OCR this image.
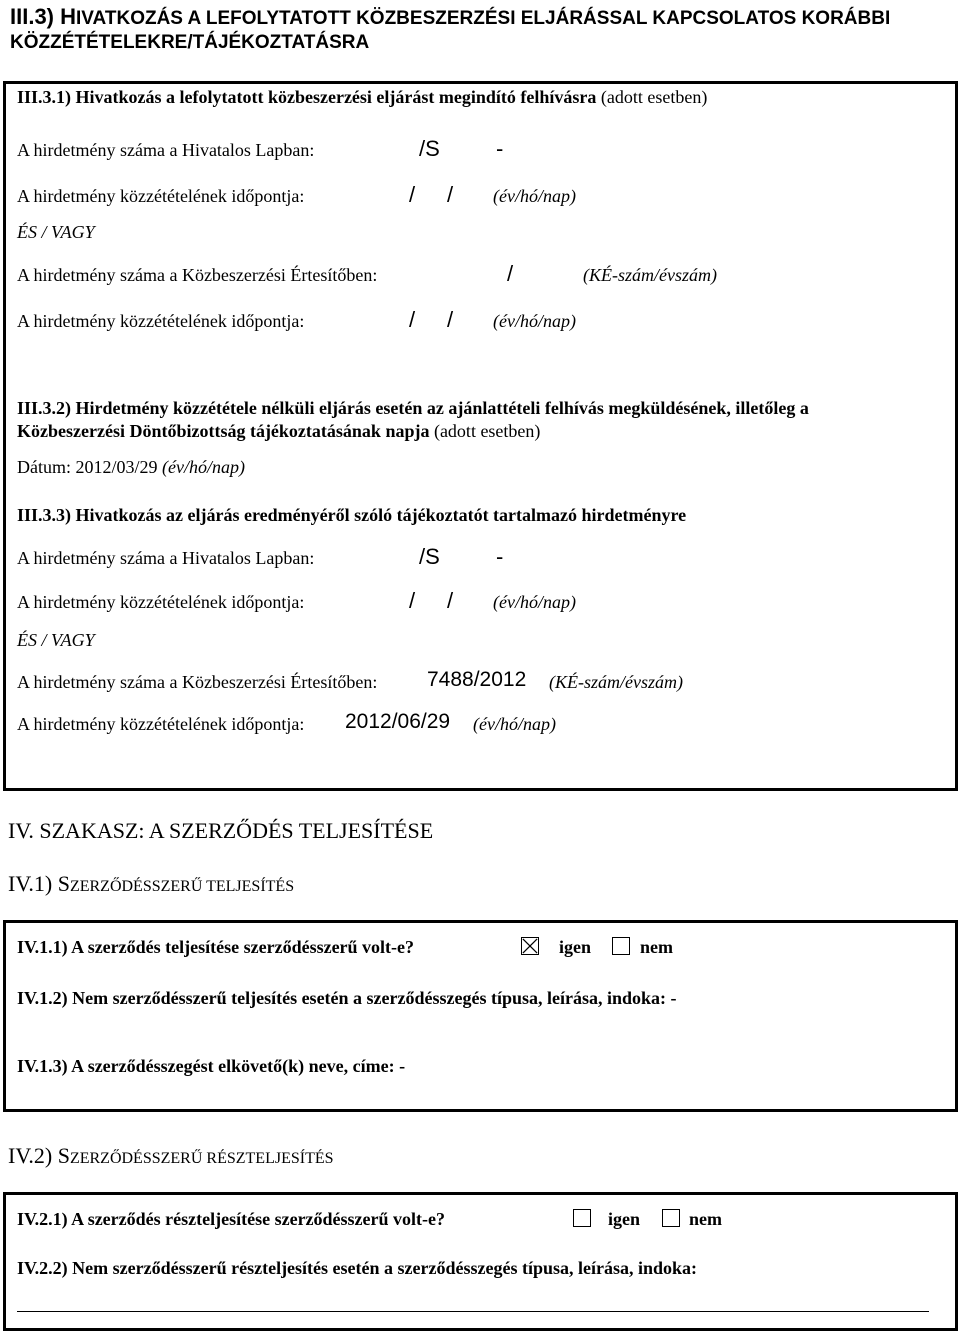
III.3) HIVATKOZÁS A LEFOLYTATOTT KÖZBESZERZÉSI ELJÁRÁSSAL KAPCSOLATOS KORÁBBI
KÖZZÉTÉTELEKRE/TÁJÉKOZTATÁSRA
III.3.1) Hivatkozás a lefolytatott közbeszerzési eljárást megindító felhívásra (adott esetben)
A hirdetmény száma a Hivatalos Lapban:	/S	-
A hirdetmény közzétételének időpontja:	/ / (év/hó/nap)
ÉS / VAGY
A hirdetmény száma a Közbeszerzési Értesítőben:	/	(KÉ-szám/évszám)
A hirdetmény közzétételének időpontja:	/ / (év/hó/nap)
III.3.2) Hirdetmény közzététele nélküli eljárás esetén az ajánlattételi felhívás megküldésének, illetőleg a
Közbeszerzési Döntőbizottság tájékoztatásának napja (adott esetben)
Dátum: 2012/03/29 (év/hó/nap)
III.3.3) Hivatkozás az eljárás eredményéről szóló tájékoztatót tartalmazó hirdetményre
A hirdetmény száma a Hivatalos Lapban:	/S	-
A hirdetmény közzétételének időpontja:	/ / (év/hó/nap)
ÉS / VAGY
A hirdetmény száma a Közbeszerzési Értesítőben: 7488/2012 (KÉ-szám/évszám)
A hirdetmény közzétételének időpontja: 2012/06/29 (év/hó/nap)
IV. SZAKASZ: A SZERZŐDÉS TELJESÍTÉSE
IV.1) SZERZŐDÉSSZERŰ TELJESÍTÉS
IV.1.1) A szerződés teljesítése szerződésszerű volt-e?	igen	nem
IV.1.2) Nem szerződésszerű teljesítés esetén a szerződésszegés típusa, leírása, indoka: -
IV.1.3) A szerződésszegést elkövető(k) neve, címe: -
IV.2) SZERZŐDÉSSZERŰ RÉSZTELJESÍTÉS
IV.2.1) A szerződés részteljesítése szerződésszerű volt-e?	igen	nem
IV.2.2) Nem szerződésszerű részteljesítés esetén a szerződésszegés típusa, leírása, indoka:
